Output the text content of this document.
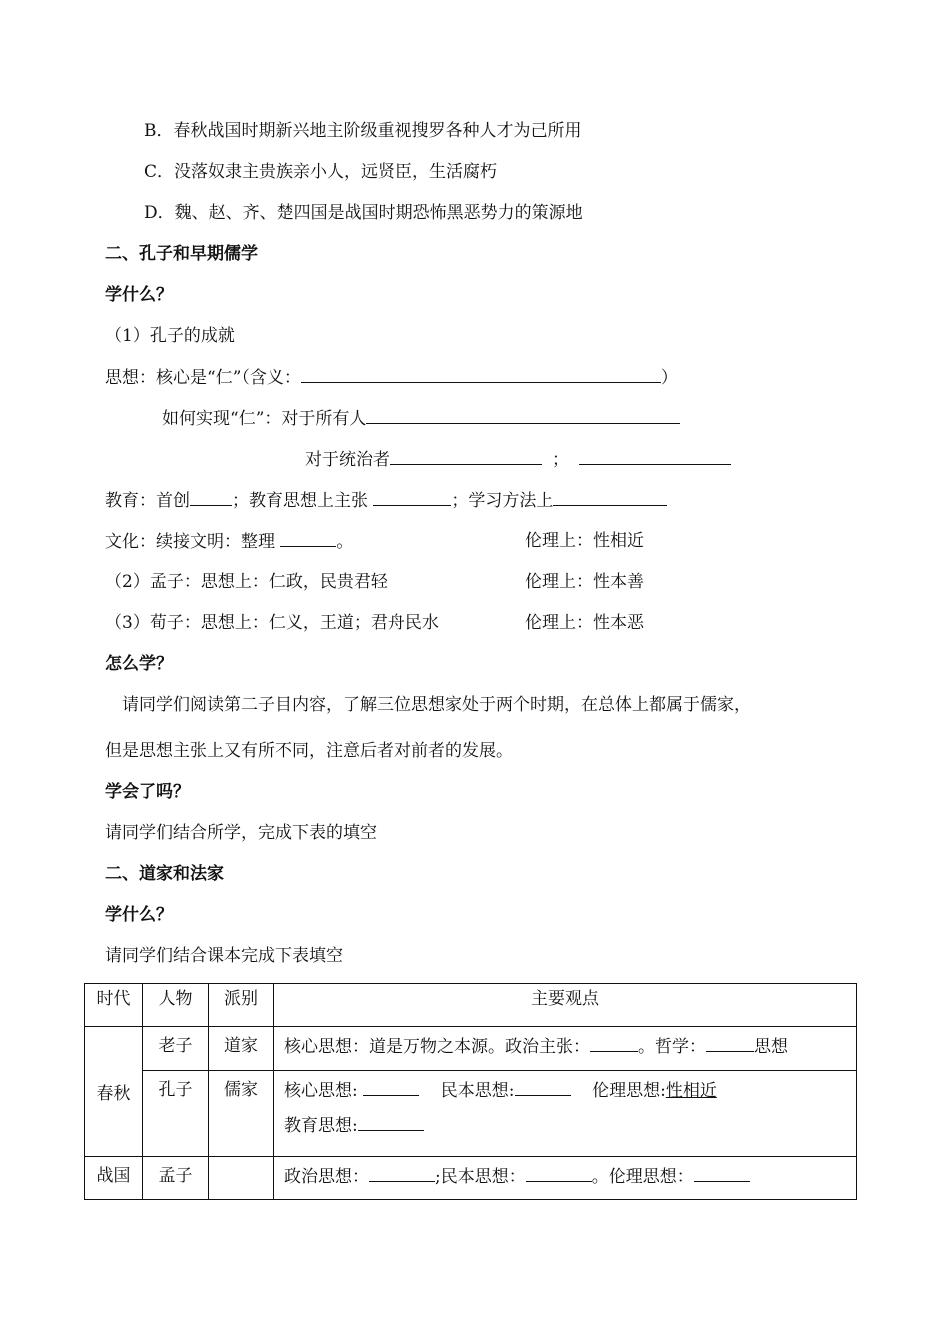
B．春秋战国时期新兴地主阶级重视搜罗各种人才为己所用
C．没落奴隶主贵族亲小人，远贤臣，生活腐朽
D．魏、赵、齐、楚四国是战国时期恐怖黑恶势力的策源地
二、孔子和早期儒学
学什么？
（1）孔子的成就
思想：核心是“仁”（含义：	）
如何实现“仁”：对于所有人
对于统治者	；
教育：首创 ；教育思想上主张	；学习方法上
文化：续接文明：整理	。	伦理上：性相近
（2）孟子：思想上：仁政，民贵君轻	伦理上：性本善
（3）荀子：思想上：仁义，王道；君舟民水	伦理上：性本恶
怎么学？
请同学们阅读第二子目内容，了解三位思想家处于两个时期，在总体上都属于儒家，
但是思想主张上又有所不同，注意后者对前者的发展。
学会了吗？
请同学们结合所学，完成下表的填空
二、道家和法家
学什么？
请同学们结合课本完成下表填空
时代	人物	派别	主要观点

春秋	老子	道家	核心思想：道是万物之本源。政治主张： 。哲学： 思想

	孔子	儒家	核心思想: 民本思想: 伦理思想:性相近
教育思想:

战国	孟子		政治思想： ;民本思想： 。伦理思想：
